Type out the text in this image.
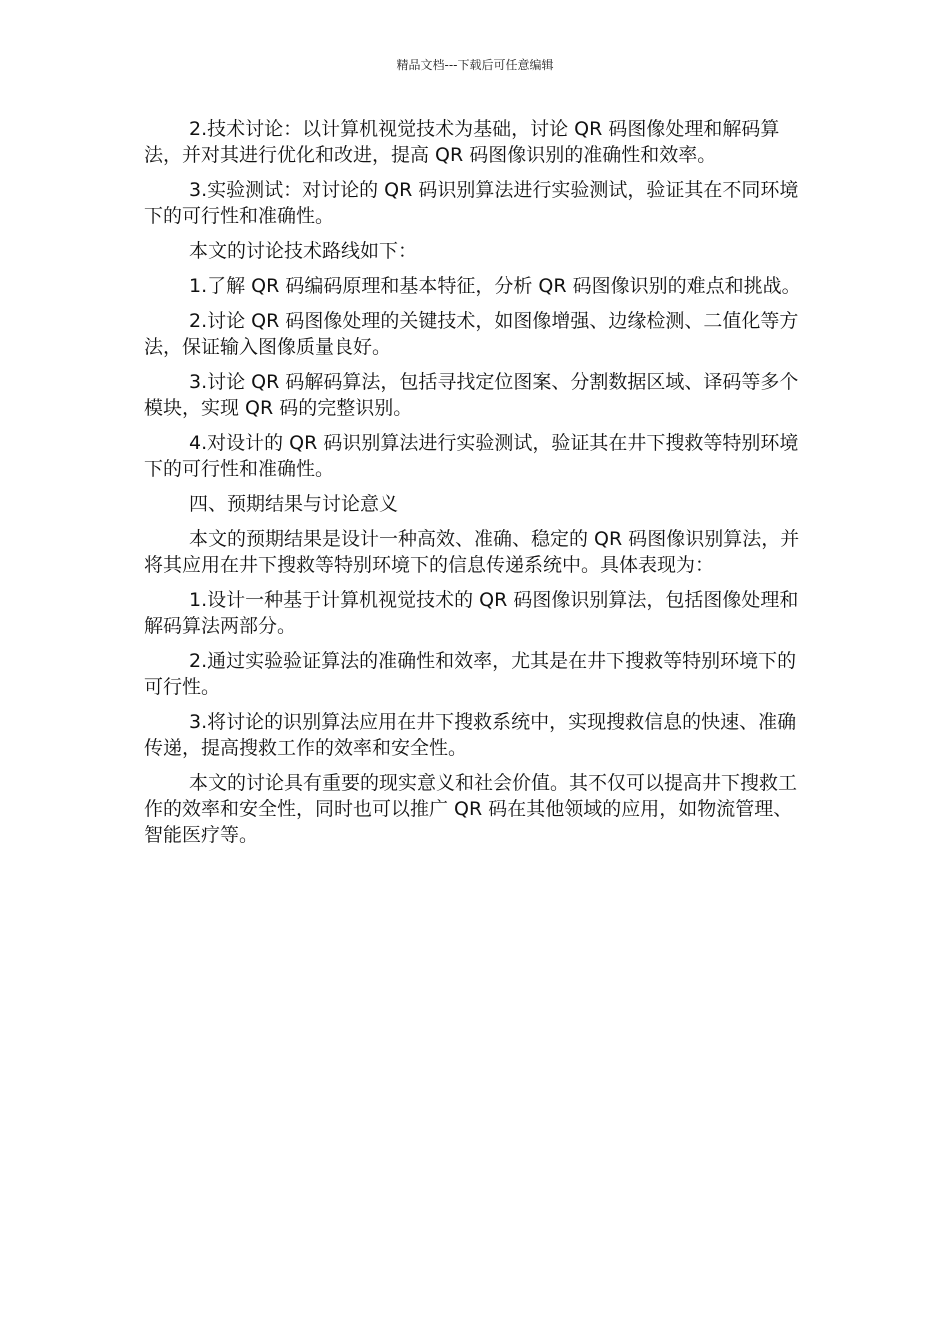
精品文档---下载后可任意编辑

2.技术讨论：以计算机视觉技术为基础，讨论 QR 码图像处理和解码算法，并对其进行优化和改进，提高 QR 码图像识别的准确性和效率。

3.实验测试：对讨论的 QR 码识别算法进行实验测试，验证其在不同环境下的可行性和准确性。

本文的讨论技术路线如下：

1.了解 QR 码编码原理和基本特征，分析 QR 码图像识别的难点和挑战。

2.讨论 QR 码图像处理的关键技术，如图像增强、边缘检测、二值化等方法，保证输入图像质量良好。

3.讨论 QR 码解码算法，包括寻找定位图案、分割数据区域、译码等多个模块，实现 QR 码的完整识别。

4.对设计的 QR 码识别算法进行实验测试，验证其在井下搜救等特别环境下的可行性和准确性。

四、预期结果与讨论意义

本文的预期结果是设计一种高效、准确、稳定的 QR 码图像识别算法，并将其应用在井下搜救等特别环境下的信息传递系统中。具体表现为：

1.设计一种基于计算机视觉技术的 QR 码图像识别算法，包括图像处理和解码算法两部分。

2.通过实验验证算法的准确性和效率，尤其是在井下搜救等特别环境下的可行性。

3.将讨论的识别算法应用在井下搜救系统中，实现搜救信息的快速、准确传递，提高搜救工作的效率和安全性。

本文的讨论具有重要的现实意义和社会价值。其不仅可以提高井下搜救工作的效率和安全性，同时也可以推广 QR 码在其他领域的应用，如物流管理、智能医疗等。
